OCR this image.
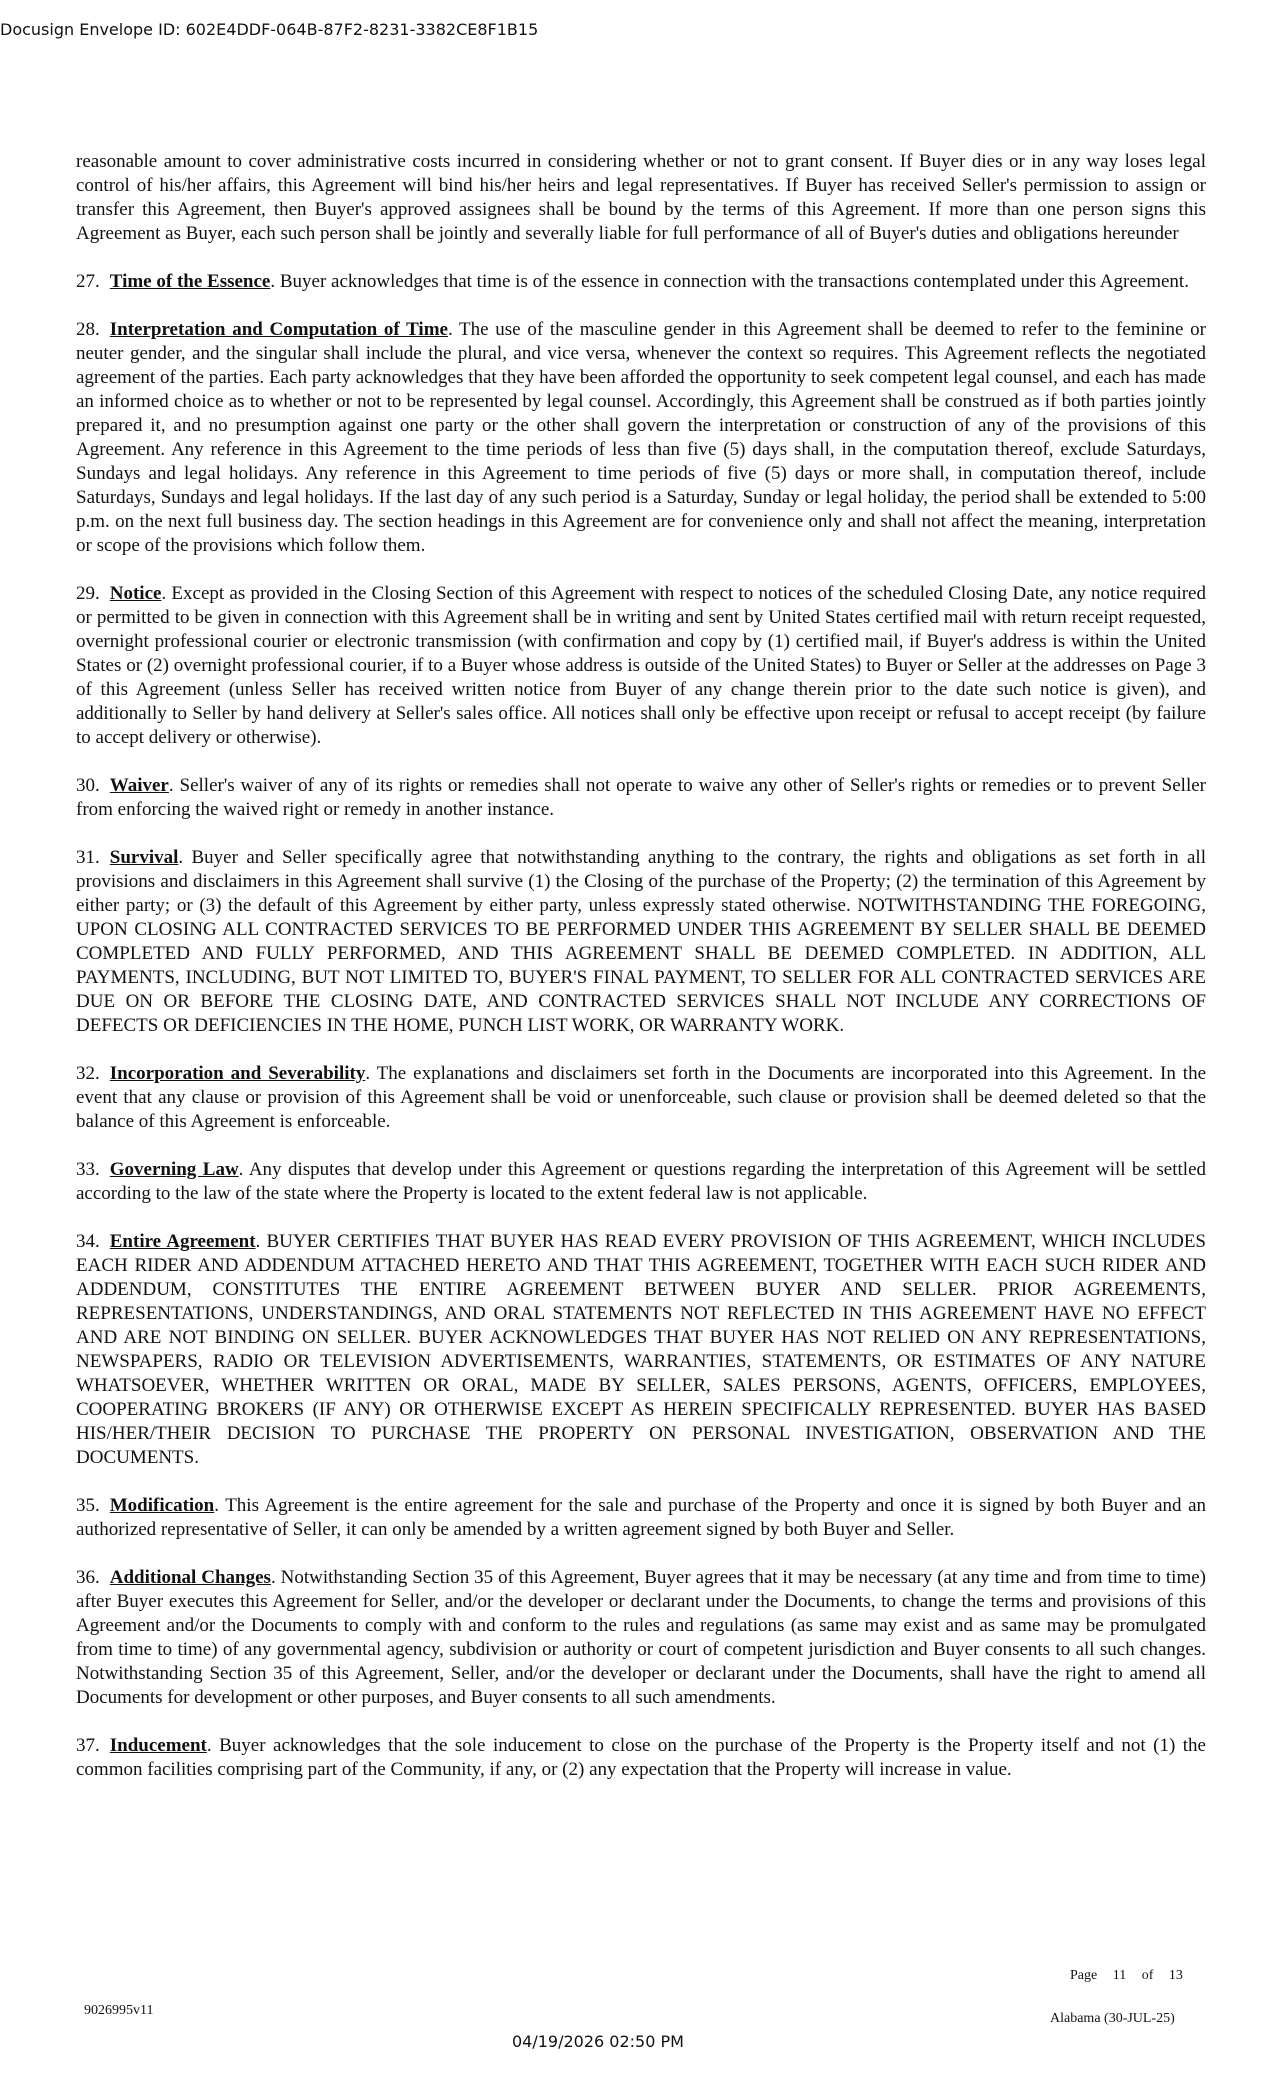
Docusign Envelope ID: 602E4DDF-064B-87F2-8231-3382CE8F1B15

reasonable amount to cover administrative costs incurred in considering whether or not to grant consent. If Buyer dies or in any way loses legal control of his/her affairs, this Agreement will bind his/her heirs and legal representatives. If Buyer has received Seller's permission to assign or transfer this Agreement, then Buyer's approved assignees shall be bound by the terms of this Agreement. If more than one person signs this Agreement as Buyer, each such person shall be jointly and severally liable for full performance of all of Buyer's duties and obligations hereunder

27. Time of the Essence. Buyer acknowledges that time is of the essence in connection with the transactions contemplated under this Agreement.

28. Interpretation and Computation of Time. The use of the masculine gender in this Agreement shall be deemed to refer to the feminine or neuter gender, and the singular shall include the plural, and vice versa, whenever the context so requires. This Agreement reflects the negotiated agreement of the parties. Each party acknowledges that they have been afforded the opportunity to seek competent legal counsel, and each has made an informed choice as to whether or not to be represented by legal counsel. Accordingly, this Agreement shall be construed as if both parties jointly prepared it, and no presumption against one party or the other shall govern the interpretation or construction of any of the provisions of this Agreement. Any reference in this Agreement to the time periods of less than five (5) days shall, in the computation thereof, exclude Saturdays, Sundays and legal holidays. Any reference in this Agreement to time periods of five (5) days or more shall, in computation thereof, include Saturdays, Sundays and legal holidays. If the last day of any such period is a Saturday, Sunday or legal holiday, the period shall be extended to 5:00 p.m. on the next full business day. The section headings in this Agreement are for convenience only and shall not affect the meaning, interpretation or scope of the provisions which follow them.

29. Notice. Except as provided in the Closing Section of this Agreement with respect to notices of the scheduled Closing Date, any notice required or permitted to be given in connection with this Agreement shall be in writing and sent by United States certified mail with return receipt requested, overnight professional courier or electronic transmission (with confirmation and copy by (1) certified mail, if Buyer's address is within the United States or (2) overnight professional courier, if to a Buyer whose address is outside of the United States) to Buyer or Seller at the addresses on Page 3 of this Agreement (unless Seller has received written notice from Buyer of any change therein prior to the date such notice is given), and additionally to Seller by hand delivery at Seller's sales office. All notices shall only be effective upon receipt or refusal to accept receipt (by failure to accept delivery or otherwise).

30. Waiver. Seller's waiver of any of its rights or remedies shall not operate to waive any other of Seller's rights or remedies or to prevent Seller from enforcing the waived right or remedy in another instance.

31. Survival. Buyer and Seller specifically agree that notwithstanding anything to the contrary, the rights and obligations as set forth in all provisions and disclaimers in this Agreement shall survive (1) the Closing of the purchase of the Property; (2) the termination of this Agreement by either party; or (3) the default of this Agreement by either party, unless expressly stated otherwise. NOTWITHSTANDING THE FOREGOING, UPON CLOSING ALL CONTRACTED SERVICES TO BE PERFORMED UNDER THIS AGREEMENT BY SELLER SHALL BE DEEMED COMPLETED AND FULLY PERFORMED, AND THIS AGREEMENT SHALL BE DEEMED COMPLETED. IN ADDITION, ALL PAYMENTS, INCLUDING, BUT NOT LIMITED TO, BUYER'S FINAL PAYMENT, TO SELLER FOR ALL CONTRACTED SERVICES ARE DUE ON OR BEFORE THE CLOSING DATE, AND CONTRACTED SERVICES SHALL NOT INCLUDE ANY CORRECTIONS OF DEFECTS OR DEFICIENCIES IN THE HOME, PUNCH LIST WORK, OR WARRANTY WORK.

32. Incorporation and Severability. The explanations and disclaimers set forth in the Documents are incorporated into this Agreement. In the event that any clause or provision of this Agreement shall be void or unenforceable, such clause or provision shall be deemed deleted so that the balance of this Agreement is enforceable.

33. Governing Law. Any disputes that develop under this Agreement or questions regarding the interpretation of this Agreement will be settled according to the law of the state where the Property is located to the extent federal law is not applicable.

34. Entire Agreement. BUYER CERTIFIES THAT BUYER HAS READ EVERY PROVISION OF THIS AGREEMENT, WHICH INCLUDES EACH RIDER AND ADDENDUM ATTACHED HERETO AND THAT THIS AGREEMENT, TOGETHER WITH EACH SUCH RIDER AND ADDENDUM, CONSTITUTES THE ENTIRE AGREEMENT BETWEEN BUYER AND SELLER. PRIOR AGREEMENTS, REPRESENTATIONS, UNDERSTANDINGS, AND ORAL STATEMENTS NOT REFLECTED IN THIS AGREEMENT HAVE NO EFFECT AND ARE NOT BINDING ON SELLER. BUYER ACKNOWLEDGES THAT BUYER HAS NOT RELIED ON ANY REPRESENTATIONS, NEWSPAPERS, RADIO OR TELEVISION ADVERTISEMENTS, WARRANTIES, STATEMENTS, OR ESTIMATES OF ANY NATURE WHATSOEVER, WHETHER WRITTEN OR ORAL, MADE BY SELLER, SALES PERSONS, AGENTS, OFFICERS, EMPLOYEES, COOPERATING BROKERS (IF ANY) OR OTHERWISE EXCEPT AS HEREIN SPECIFICALLY REPRESENTED. BUYER HAS BASED HIS/HER/THEIR DECISION TO PURCHASE THE PROPERTY ON PERSONAL INVESTIGATION, OBSERVATION AND THE DOCUMENTS.

35. Modification. This Agreement is the entire agreement for the sale and purchase of the Property and once it is signed by both Buyer and an authorized representative of Seller, it can only be amended by a written agreement signed by both Buyer and Seller.

36. Additional Changes. Notwithstanding Section 35 of this Agreement, Buyer agrees that it may be necessary (at any time and from time to time) after Buyer executes this Agreement for Seller, and/or the developer or declarant under the Documents, to change the terms and provisions of this Agreement and/or the Documents to comply with and conform to the rules and regulations (as same may exist and as same may be promulgated from time to time) of any governmental agency, subdivision or authority or court of competent jurisdiction and Buyer consents to all such changes. Notwithstanding Section 35 of this Agreement, Seller, and/or the developer or declarant under the Documents, shall have the right to amend all Documents for development or other purposes, and Buyer consents to all such amendments.

37. Inducement. Buyer acknowledges that the sole inducement to close on the purchase of the Property is the Property itself and not (1) the common facilities comprising part of the Community, if any, or (2) any expectation that the Property will increase in value.

Page 11 of 13
9026995v11
Alabama (30-JUL-25)
04/19/2026 02:50 PM
